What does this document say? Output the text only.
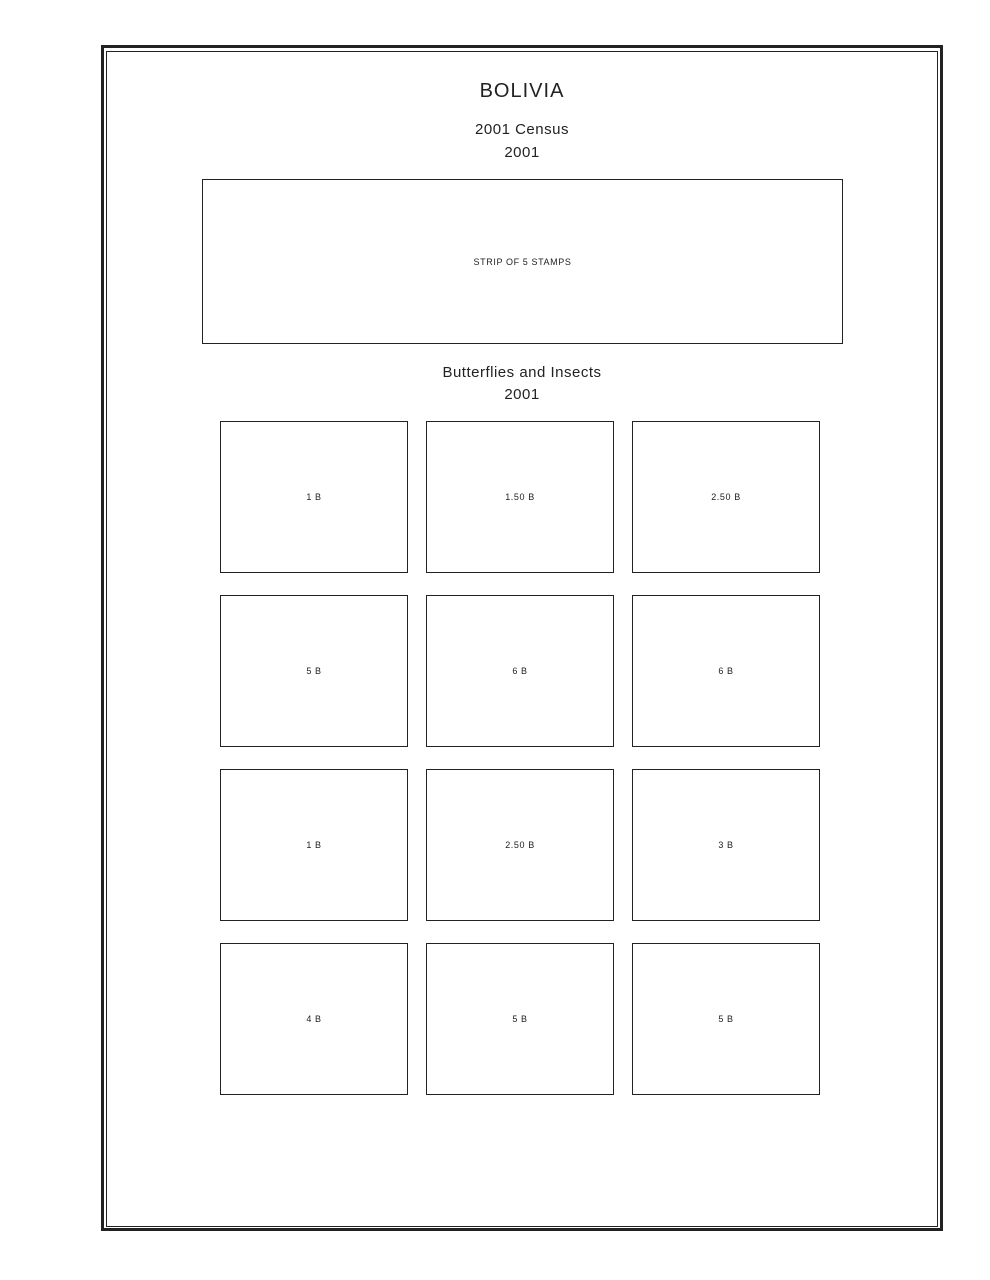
BOLIVIA
2001 Census
2001
STRIP OF 5 STAMPS
Butterflies and Insects
2001
1 B	1.50 B	2.50 B
5 B	6 B	6 B
1 B	2.50 B	3 B
4 B	5 B	5 B
